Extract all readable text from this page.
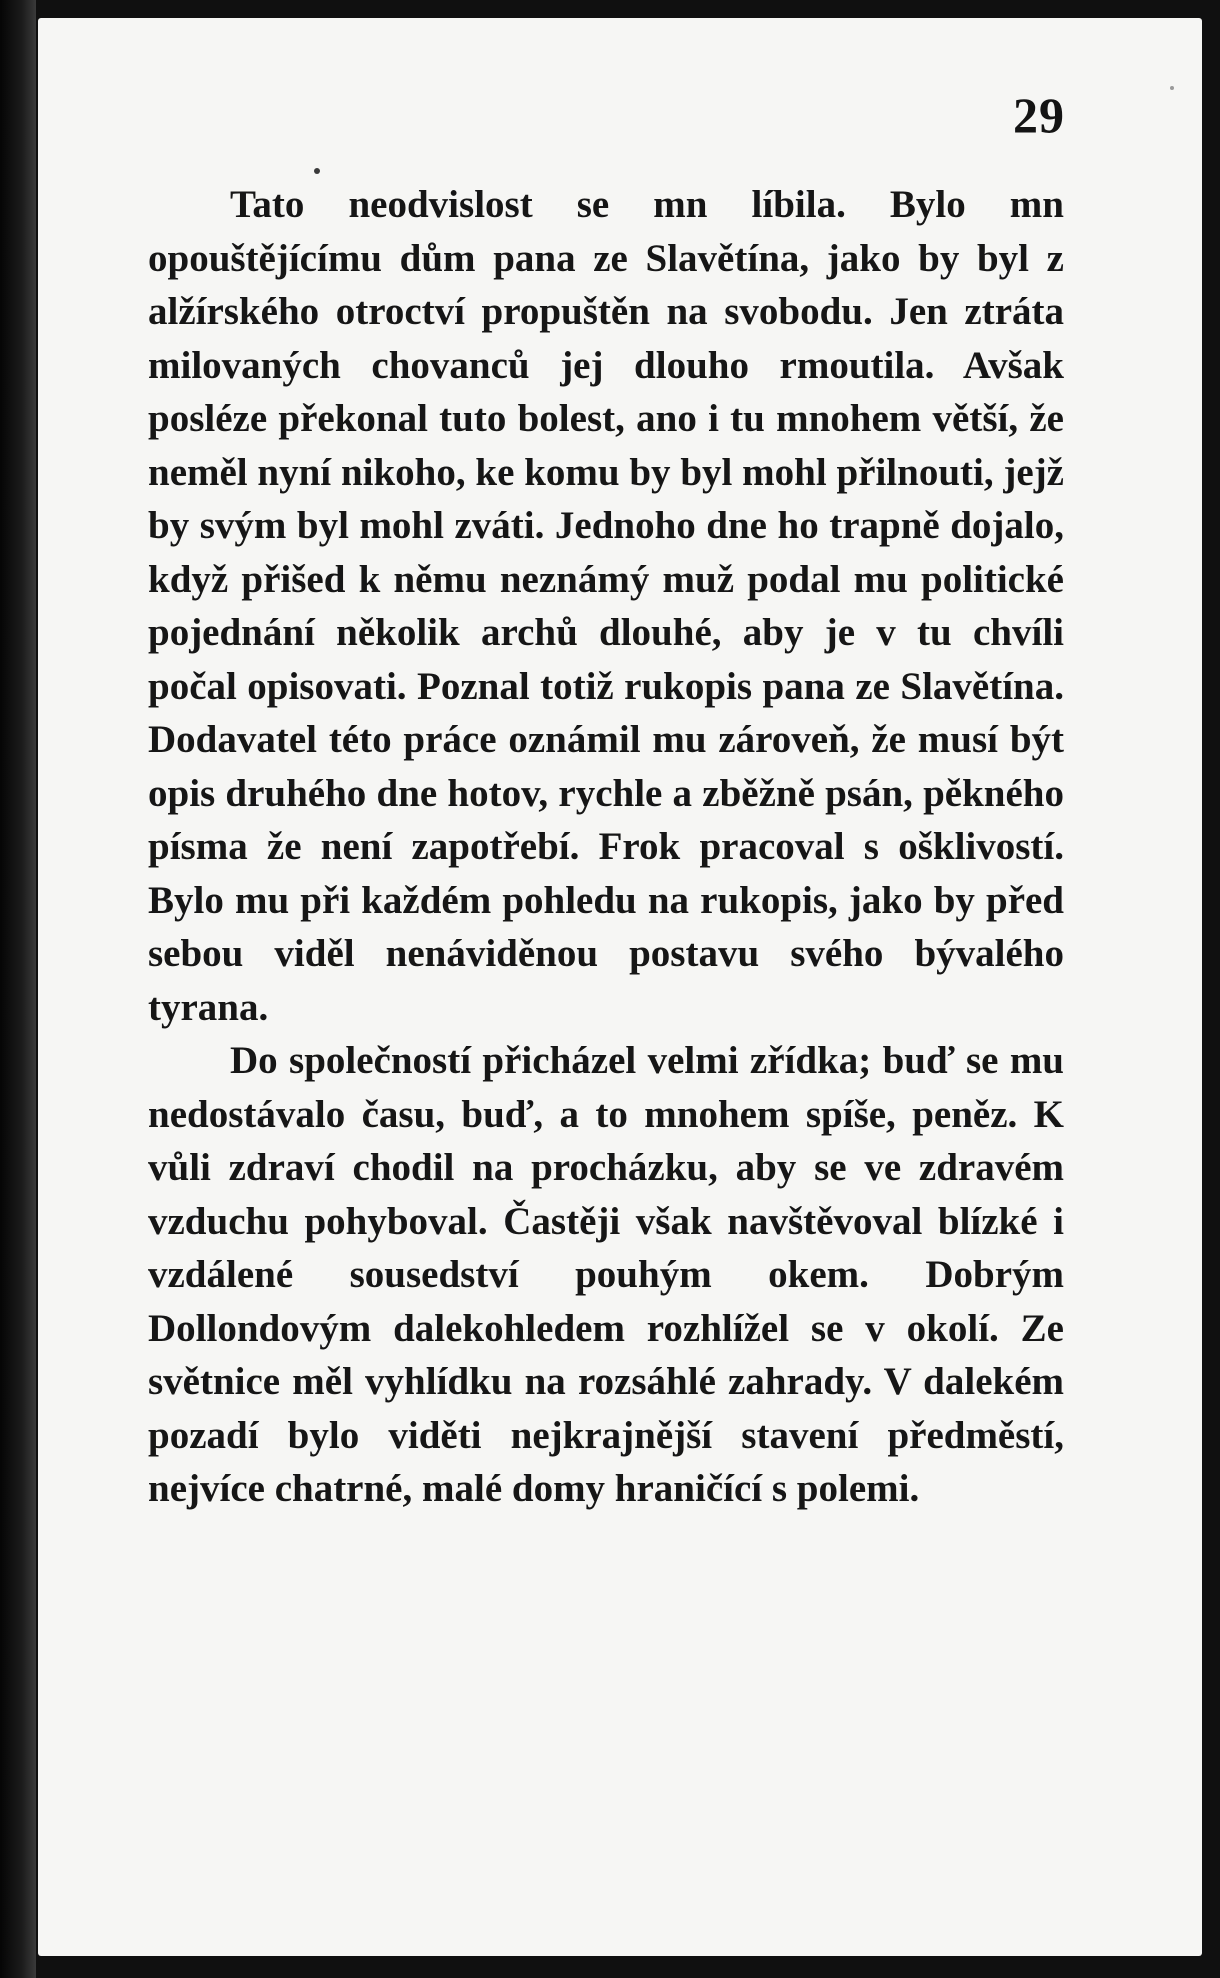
29

Tato neodvislost se mn líbila. Bylo mn opouštějícímu dům pana ze Slavětína, jako by byl z alžírského otroctví propuštěn na svobodu. Jen ztráta milovaných chovanců jej dlouho rmoutila. Avšak posléze překonal tuto bolest, ano i tu mnohem větší, že neměl nyní nikoho, ke komu by byl mohl přilnouti, jejž by svým byl mohl zváti. Jednoho dne ho trapně dojalo, když přišed k němu neznámý muž podal mu politické pojednání několik archů dlouhé, aby je v tu chvíli počal opisovati. Poznal totiž rukopis pana ze Slavětína. Dodavatel této práce oznámil mu zároveň, že musí být opis druhého dne hotov, rychle a zběžně psán, pěkného písma že není zapotřebí. Frok pracoval s ošklivostí. Bylo mu při každém pohledu na rukopis, jako by před sebou viděl nenáviděnou postavu svého bývalého tyrana.

Do společností přicházel velmi zřídka; buď se mu nedostávalo času, buď, a to mnohem spíše, peněz. K vůli zdraví chodil na procházku, aby se ve zdravém vzduchu pohyboval. Častěji však navštěvoval blízké i vzdálené sousedství pouhým okem. Dobrým Dollondovým dalekohledem rozhlížel se v okolí. Ze světnice měl vyhlídku na rozsáhlé zahrady. V dalekém pozadí bylo viděti nejkrajnější stavení předměstí, nejvíce chatrné, malé domy hraničící s polemi.
